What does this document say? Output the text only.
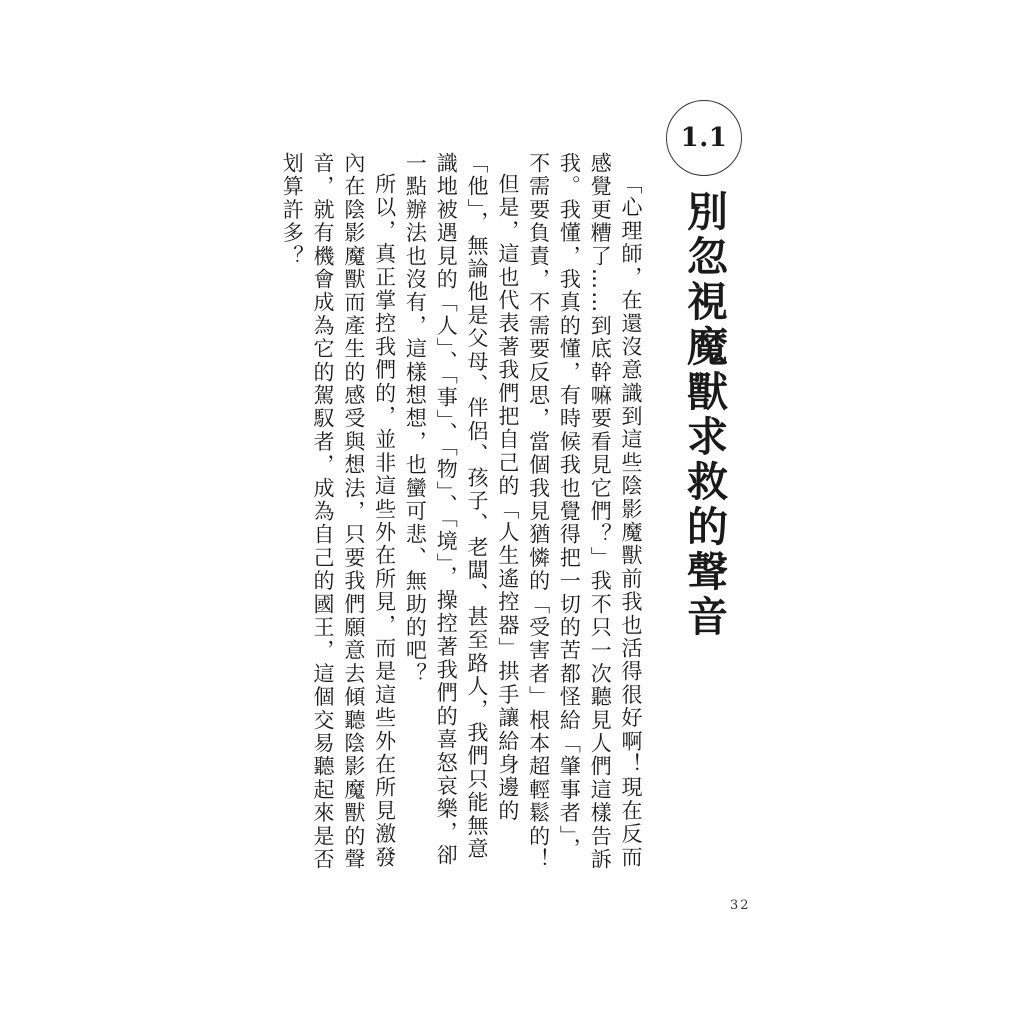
1.1
別忽視魔獸求救的聲音

「心理師，在還沒意識到這些陰影魔獸前我也活得很好啊！現在反而感覺更糟了……到底幹嘛要看見它們？」我不只一次聽見人們這樣告訴我。我懂，我真的懂，有時候我也覺得把一切的苦都怪給「肇事者」，不需要負責，不需要反思，當個我見猶憐的「受害者」根本超輕鬆的！

但是，這也代表著我們把自己的「人生遙控器」拱手讓給身邊的「他」，無論他是父母、伴侶、孩子、老闆、甚至路人，我們只能無意識地被遇見的「人」、「事」、「物」、「境」，操控著我們的喜怒哀樂，卻一點辦法也沒有，這樣想想，也蠻可悲、無助的吧？

所以，真正掌控我們的，並非這些外在所見，而是這些外在所見激發內在陰影魔獸而產生的感受與想法，只要我們願意去傾聽陰影魔獸的聲音，就有機會成為它的駕馭者，成為自己的國王，這個交易聽起來是否划算許多？

32
